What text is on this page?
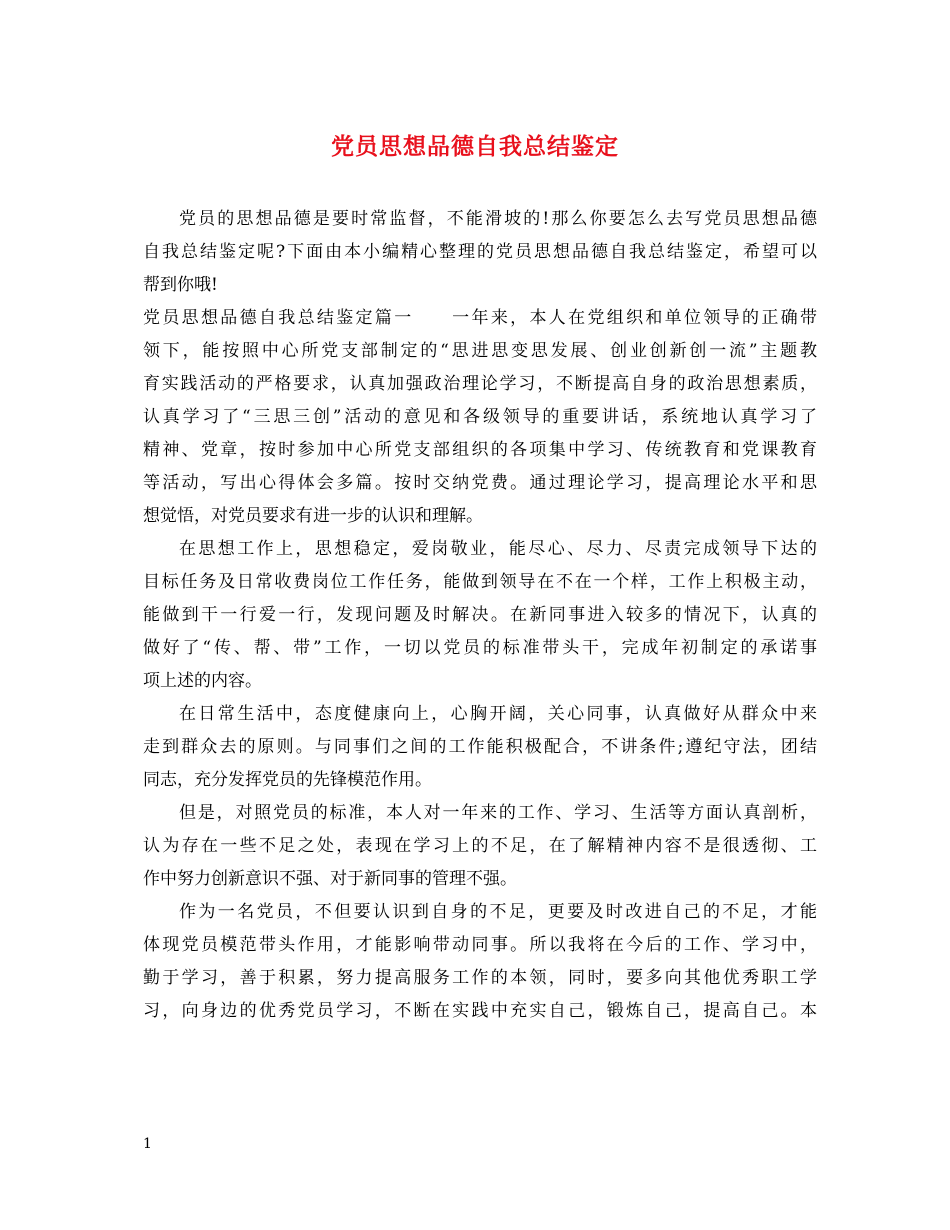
党员思想品德自我总结鉴定
党员的思想品德是要时常监督，不能滑坡的!那么你要怎么去写党员思想品德
自我总结鉴定呢?下面由本小编精心整理的党员思想品德自我总结鉴定，希望可以
帮到你哦!
党员思想品德自我总结鉴定篇一　　一年来，本人在党组织和单位领导的正确带
领下，能按照中心所党支部制定的“思进思变思发展、创业创新创一流”主题教
育实践活动的严格要求，认真加强政治理论学习，不断提高自身的政治思想素质，
认真学习了“三思三创”活动的意见和各级领导的重要讲话，系统地认真学习了
精神、党章，按时参加中心所党支部组织的各项集中学习、传统教育和党课教育
等活动，写出心得体会多篇。按时交纳党费。通过理论学习，提高理论水平和思
想觉悟，对党员要求有进一步的认识和理解。
在思想工作上，思想稳定，爱岗敬业，能尽心、尽力、尽责完成领导下达的
目标任务及日常收费岗位工作任务，能做到领导在不在一个样，工作上积极主动，
能做到干一行爱一行，发现问题及时解决。在新同事进入较多的情况下，认真的
做好了“传、帮、带”工作，一切以党员的标准带头干，完成年初制定的承诺事
项上述的内容。
在日常生活中，态度健康向上，心胸开阔，关心同事，认真做好从群众中来
走到群众去的原则。与同事们之间的工作能积极配合，不讲条件;遵纪守法，团结
同志，充分发挥党员的先锋模范作用。
但是，对照党员的标准，本人对一年来的工作、学习、生活等方面认真剖析，
认为存在一些不足之处，表现在学习上的不足，在了解精神内容不是很透彻、工
作中努力创新意识不强、对于新同事的管理不强。
作为一名党员，不但要认识到自身的不足，更要及时改进自己的不足，才能
体现党员模范带头作用，才能影响带动同事。所以我将在今后的工作、学习中，
勤于学习，善于积累，努力提高服务工作的本领，同时，要多向其他优秀职工学
习，向身边的优秀党员学习，不断在实践中充实自己，锻炼自己，提高自己。本
1
